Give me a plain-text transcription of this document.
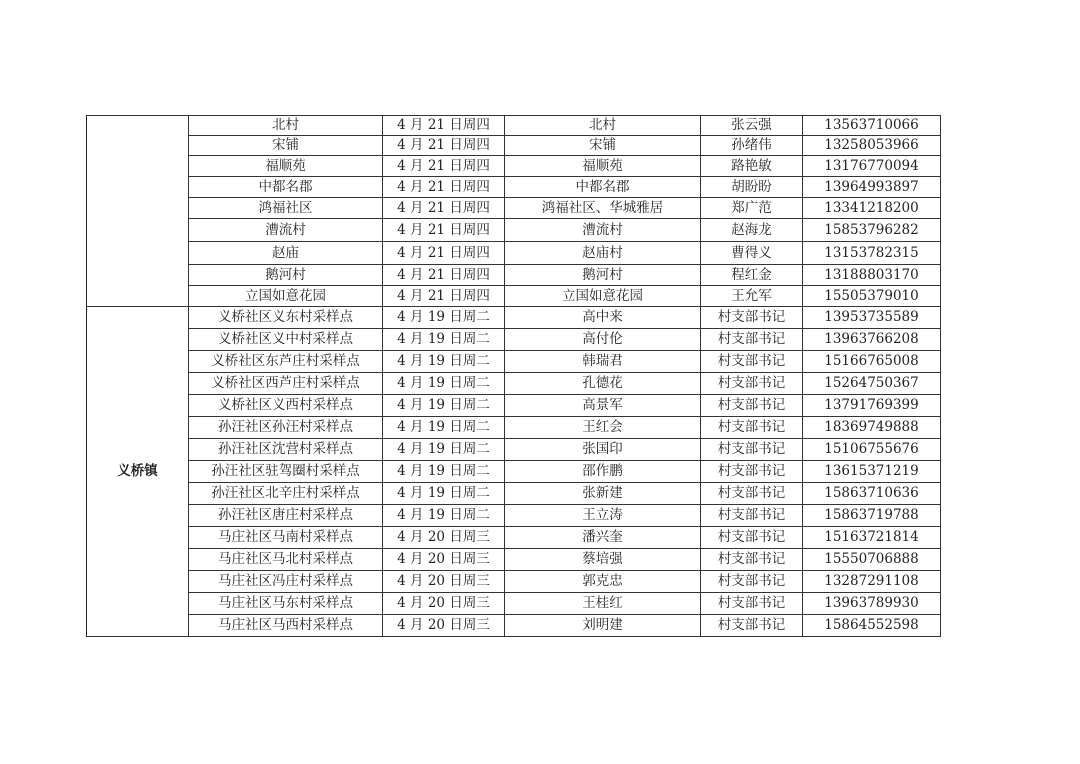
	北村	4 月 21 日周四	北村	张云强	13563710066
	宋铺	4 月 21 日周四	宋铺	孙绪伟	13258053966
	福顺苑	4 月 21 日周四	福顺苑	路艳敏	13176770094
	中都名郡	4 月 21 日周四	中都名郡	胡盼盼	13964993897
	鸿福社区	4 月 21 日周四	鸿福社区、华城雅居	郑广范	13341218200
	漕流村	4 月 21 日周四	漕流村	赵海龙	15853796282
	赵庙	4 月 21 日周四	赵庙村	曹得义	13153782315
	鹅河村	4 月 21 日周四	鹅河村	程红金	13188803170
	立国如意花园	4 月 21 日周四	立国如意花园	王允军	15505379010
义桥镇	义桥社区义东村采样点	4 月 19 日周二	高中来	村支部书记	13953735589
	义桥社区义中村采样点	4 月 19 日周二	高付伦	村支部书记	13963766208
	义桥社区东芦庄村采样点	4 月 19 日周二	韩瑞君	村支部书记	15166765008
	义桥社区西芦庄村采样点	4 月 19 日周二	孔德花	村支部书记	15264750367
	义桥社区义西村采样点	4 月 19 日周二	高景军	村支部书记	13791769399
	孙汪社区孙汪村采样点	4 月 19 日周二	王红会	村支部书记	18369749888
	孙汪社区沈营村采样点	4 月 19 日周二	张国印	村支部书记	15106755676
	孙汪社区驻驾圈村采样点	4 月 19 日周二	邵作鹏	村支部书记	13615371219
	孙汪社区北辛庄村采样点	4 月 19 日周二	张新建	村支部书记	15863710636
	孙汪社区唐庄村采样点	4 月 19 日周二	王立涛	村支部书记	15863719788
	马庄社区马南村采样点	4 月 20 日周三	潘兴奎	村支部书记	15163721814
	马庄社区马北村采样点	4 月 20 日周三	蔡培强	村支部书记	15550706888
	马庄社区冯庄村采样点	4 月 20 日周三	郭克忠	村支部书记	13287291108
	马庄社区马东村采样点	4 月 20 日周三	王桂红	村支部书记	13963789930
	马庄社区马西村采样点	4 月 20 日周三	刘明建	村支部书记	15864552598
